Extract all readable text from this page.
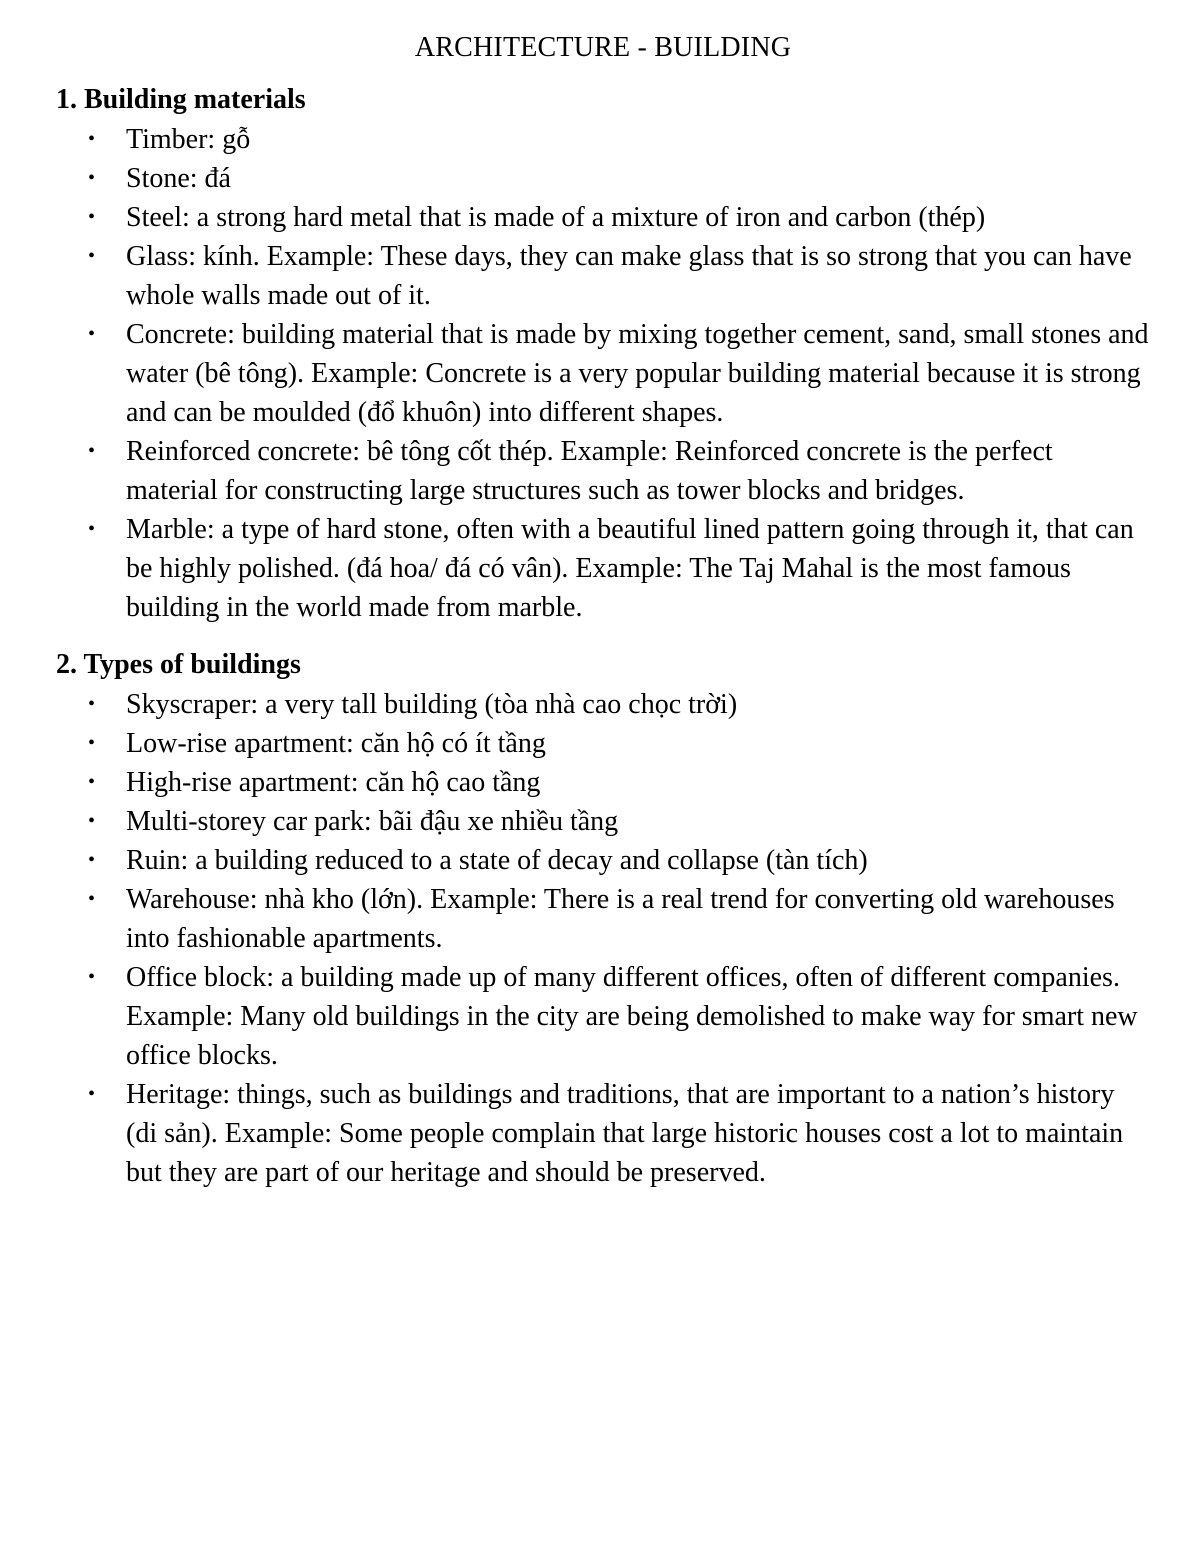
ARCHITECTURE - BUILDING
1. Building materials
• Timber: gỗ
• Stone: đá
• Steel: a strong hard metal that is made of a mixture of iron and carbon (thép)
• Glass: kính. Example: These days, they can make glass that is so strong that you can have whole walls made out of it.
• Concrete: building material that is made by mixing together cement, sand, small stones and water (bê tông). Example: Concrete is a very popular building material because it is strong and can be moulded (đổ khuôn) into different shapes.
• Reinforced concrete: bê tông cốt thép. Example: Reinforced concrete is the perfect material for constructing large structures such as tower blocks and bridges.
• Marble: a type of hard stone, often with a beautiful lined pattern going through it, that can be highly polished. (đá hoa/ đá có vân). Example: The Taj Mahal is the most famous building in the world made from marble.
2. Types of buildings
• Skyscraper: a very tall building (tòa nhà cao chọc trời)
• Low-rise apartment: căn hộ có ít tầng
• High-rise apartment: căn hộ cao tầng
• Multi-storey car park: bãi đậu xe nhiều tầng
• Ruin: a building reduced to a state of decay and collapse (tàn tích)
• Warehouse: nhà kho (lớn). Example: There is a real trend for converting old warehouses into fashionable apartments.
• Office block: a building made up of many different offices, often of different companies. Example: Many old buildings in the city are being demolished to make way for smart new office blocks.
• Heritage: things, such as buildings and traditions, that are important to a nation’s history (di sản). Example: Some people complain that large historic houses cost a lot to maintain but they are part of our heritage and should be preserved.
